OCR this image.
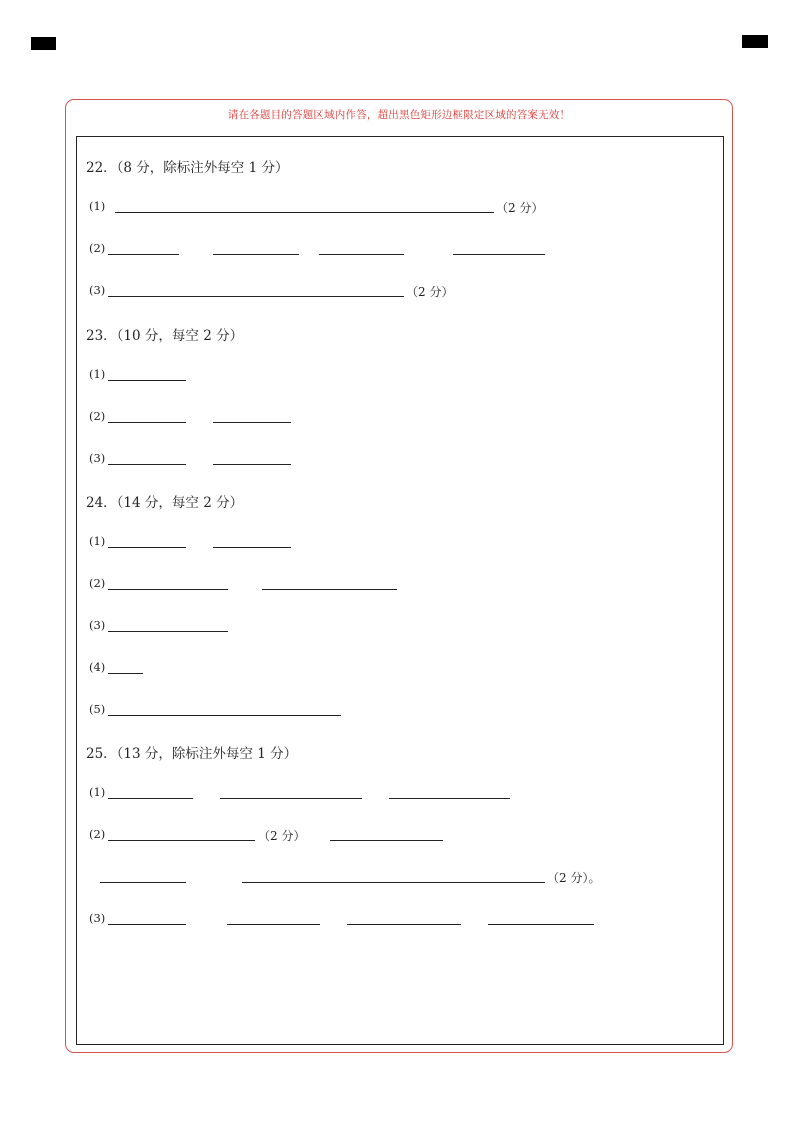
请在各题目的答题区域内作答，超出黑色矩形边框限定区域的答案无效！
22．（8 分，除标注外每空 1 分）
(1)	（2 分）
(2)
(3)	（2 分）
23．（10 分，每空 2 分）
(1)
(2)
(3)
24．（14 分，每空 2 分）
(1)
(2)
(3)
(4)
(5)
25．（13 分，除标注外每空 1 分）
(1)
(2)	（2 分）
（2 分）。
(3)
